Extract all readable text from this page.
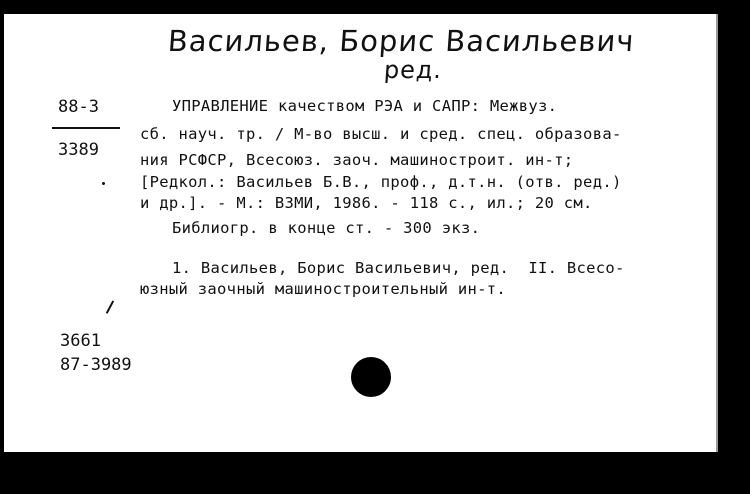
Васильев, Борис Васильевич
ред.
88-3
3389
УПРАВЛЕНИЕ качеством РЭА и САПР: Межвуз.
сб. науч. тр. / М-во высш. и сред. спец. образова-
ния РСФСР, Всесоюз. заоч. машиностроит. ин-т;
[Редкол.: Васильев Б.В., проф., д.т.н. (отв. ред.)
и др.]. - М.: ВЗМИ, 1986. - 118 с., ил.; 20 см.
Библиогр. в конце ст. - 300 экз.
1. Васильев, Борис Васильевич, ред.  II. Всесо-
юзный заочный машиностроительный ин-т.
3661
87-3989
